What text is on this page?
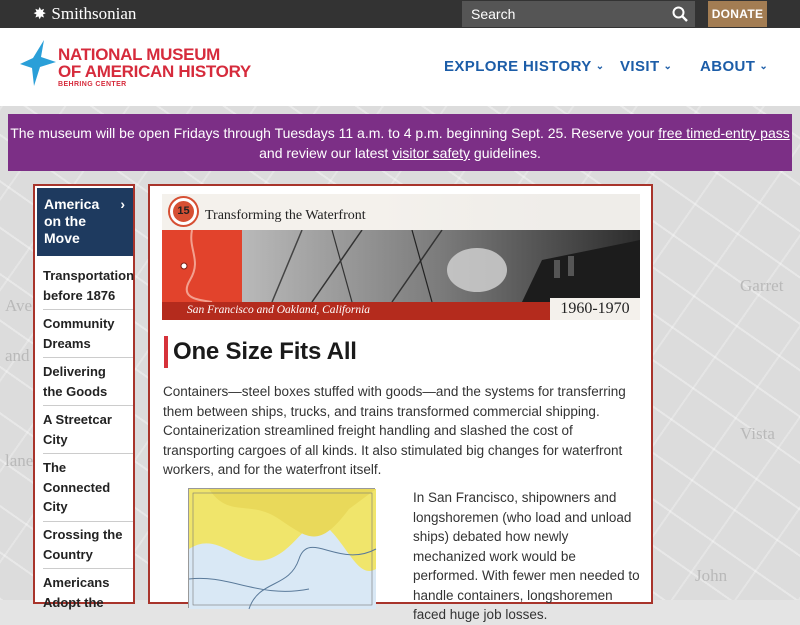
Garret
Vista
Ave
and
John
lane
✸ Smithsonian
Search	DONATE
NATIONAL MUSEUM
OF AMERICAN HISTORY
BEHRING CENTER
EXPLORE HISTORY ⌄ VISIT ⌄ ABOUT ⌄
The museum will be open Fridays through Tuesdays 11 a.m. to 4 p.m. beginning Sept. 25. Reserve your free timed-entry pass and review our latest visitor safety guidelines.
America
on the
Move
›
Transportation
before 1876
Community
Dreams
Delivering
the Goods
A Streetcar
City
The
Connected
City
Crossing the
Country
Americans
Adopt the
15	Transforming the Waterfront
San Francisco and Oakland, California	1960-1970
One Size Fits All

Containers—steel boxes stuffed with goods—and the systems for transferring them between ships, trucks, and trains transformed commercial shipping. Containerization streamlined freight handling and slashed the cost of transporting cargoes of all kinds. It also stimulated big changes for waterfront workers, and for the waterfront itself.

In San Francisco, shipowners and longshoremen (who load and unload ships) debated how newly mechanized work would be performed. With fewer men needed to handle containers, longshoremen faced huge job losses.
